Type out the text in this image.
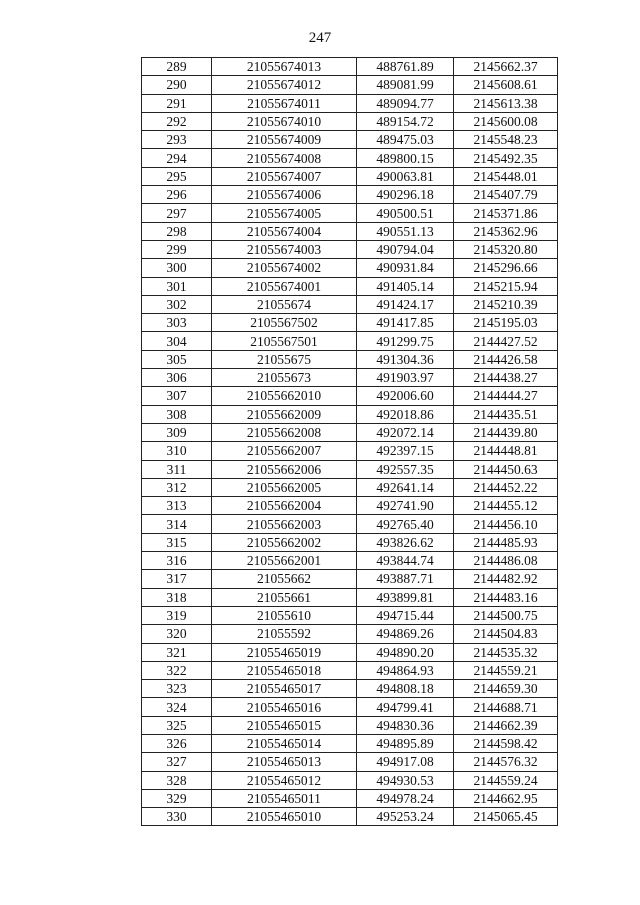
247
289	21055674013	488761.89	2145662.37
290	21055674012	489081.99	2145608.61
291	21055674011	489094.77	2145613.38
292	21055674010	489154.72	2145600.08
293	21055674009	489475.03	2145548.23
294	21055674008	489800.15	2145492.35
295	21055674007	490063.81	2145448.01
296	21055674006	490296.18	2145407.79
297	21055674005	490500.51	2145371.86
298	21055674004	490551.13	2145362.96
299	21055674003	490794.04	2145320.80
300	21055674002	490931.84	2145296.66
301	21055674001	491405.14	2145215.94
302	21055674	491424.17	2145210.39
303	2105567502	491417.85	2145195.03
304	2105567501	491299.75	2144427.52
305	21055675	491304.36	2144426.58
306	21055673	491903.97	2144438.27
307	21055662010	492006.60	2144444.27
308	21055662009	492018.86	2144435.51
309	21055662008	492072.14	2144439.80
310	21055662007	492397.15	2144448.81
311	21055662006	492557.35	2144450.63
312	21055662005	492641.14	2144452.22
313	21055662004	492741.90	2144455.12
314	21055662003	492765.40	2144456.10
315	21055662002	493826.62	2144485.93
316	21055662001	493844.74	2144486.08
317	21055662	493887.71	2144482.92
318	21055661	493899.81	2144483.16
319	21055610	494715.44	2144500.75
320	21055592	494869.26	2144504.83
321	21055465019	494890.20	2144535.32
322	21055465018	494864.93	2144559.21
323	21055465017	494808.18	2144659.30
324	21055465016	494799.41	2144688.71
325	21055465015	494830.36	2144662.39
326	21055465014	494895.89	2144598.42
327	21055465013	494917.08	2144576.32
328	21055465012	494930.53	2144559.24
329	21055465011	494978.24	2144662.95
330	21055465010	495253.24	2145065.45
